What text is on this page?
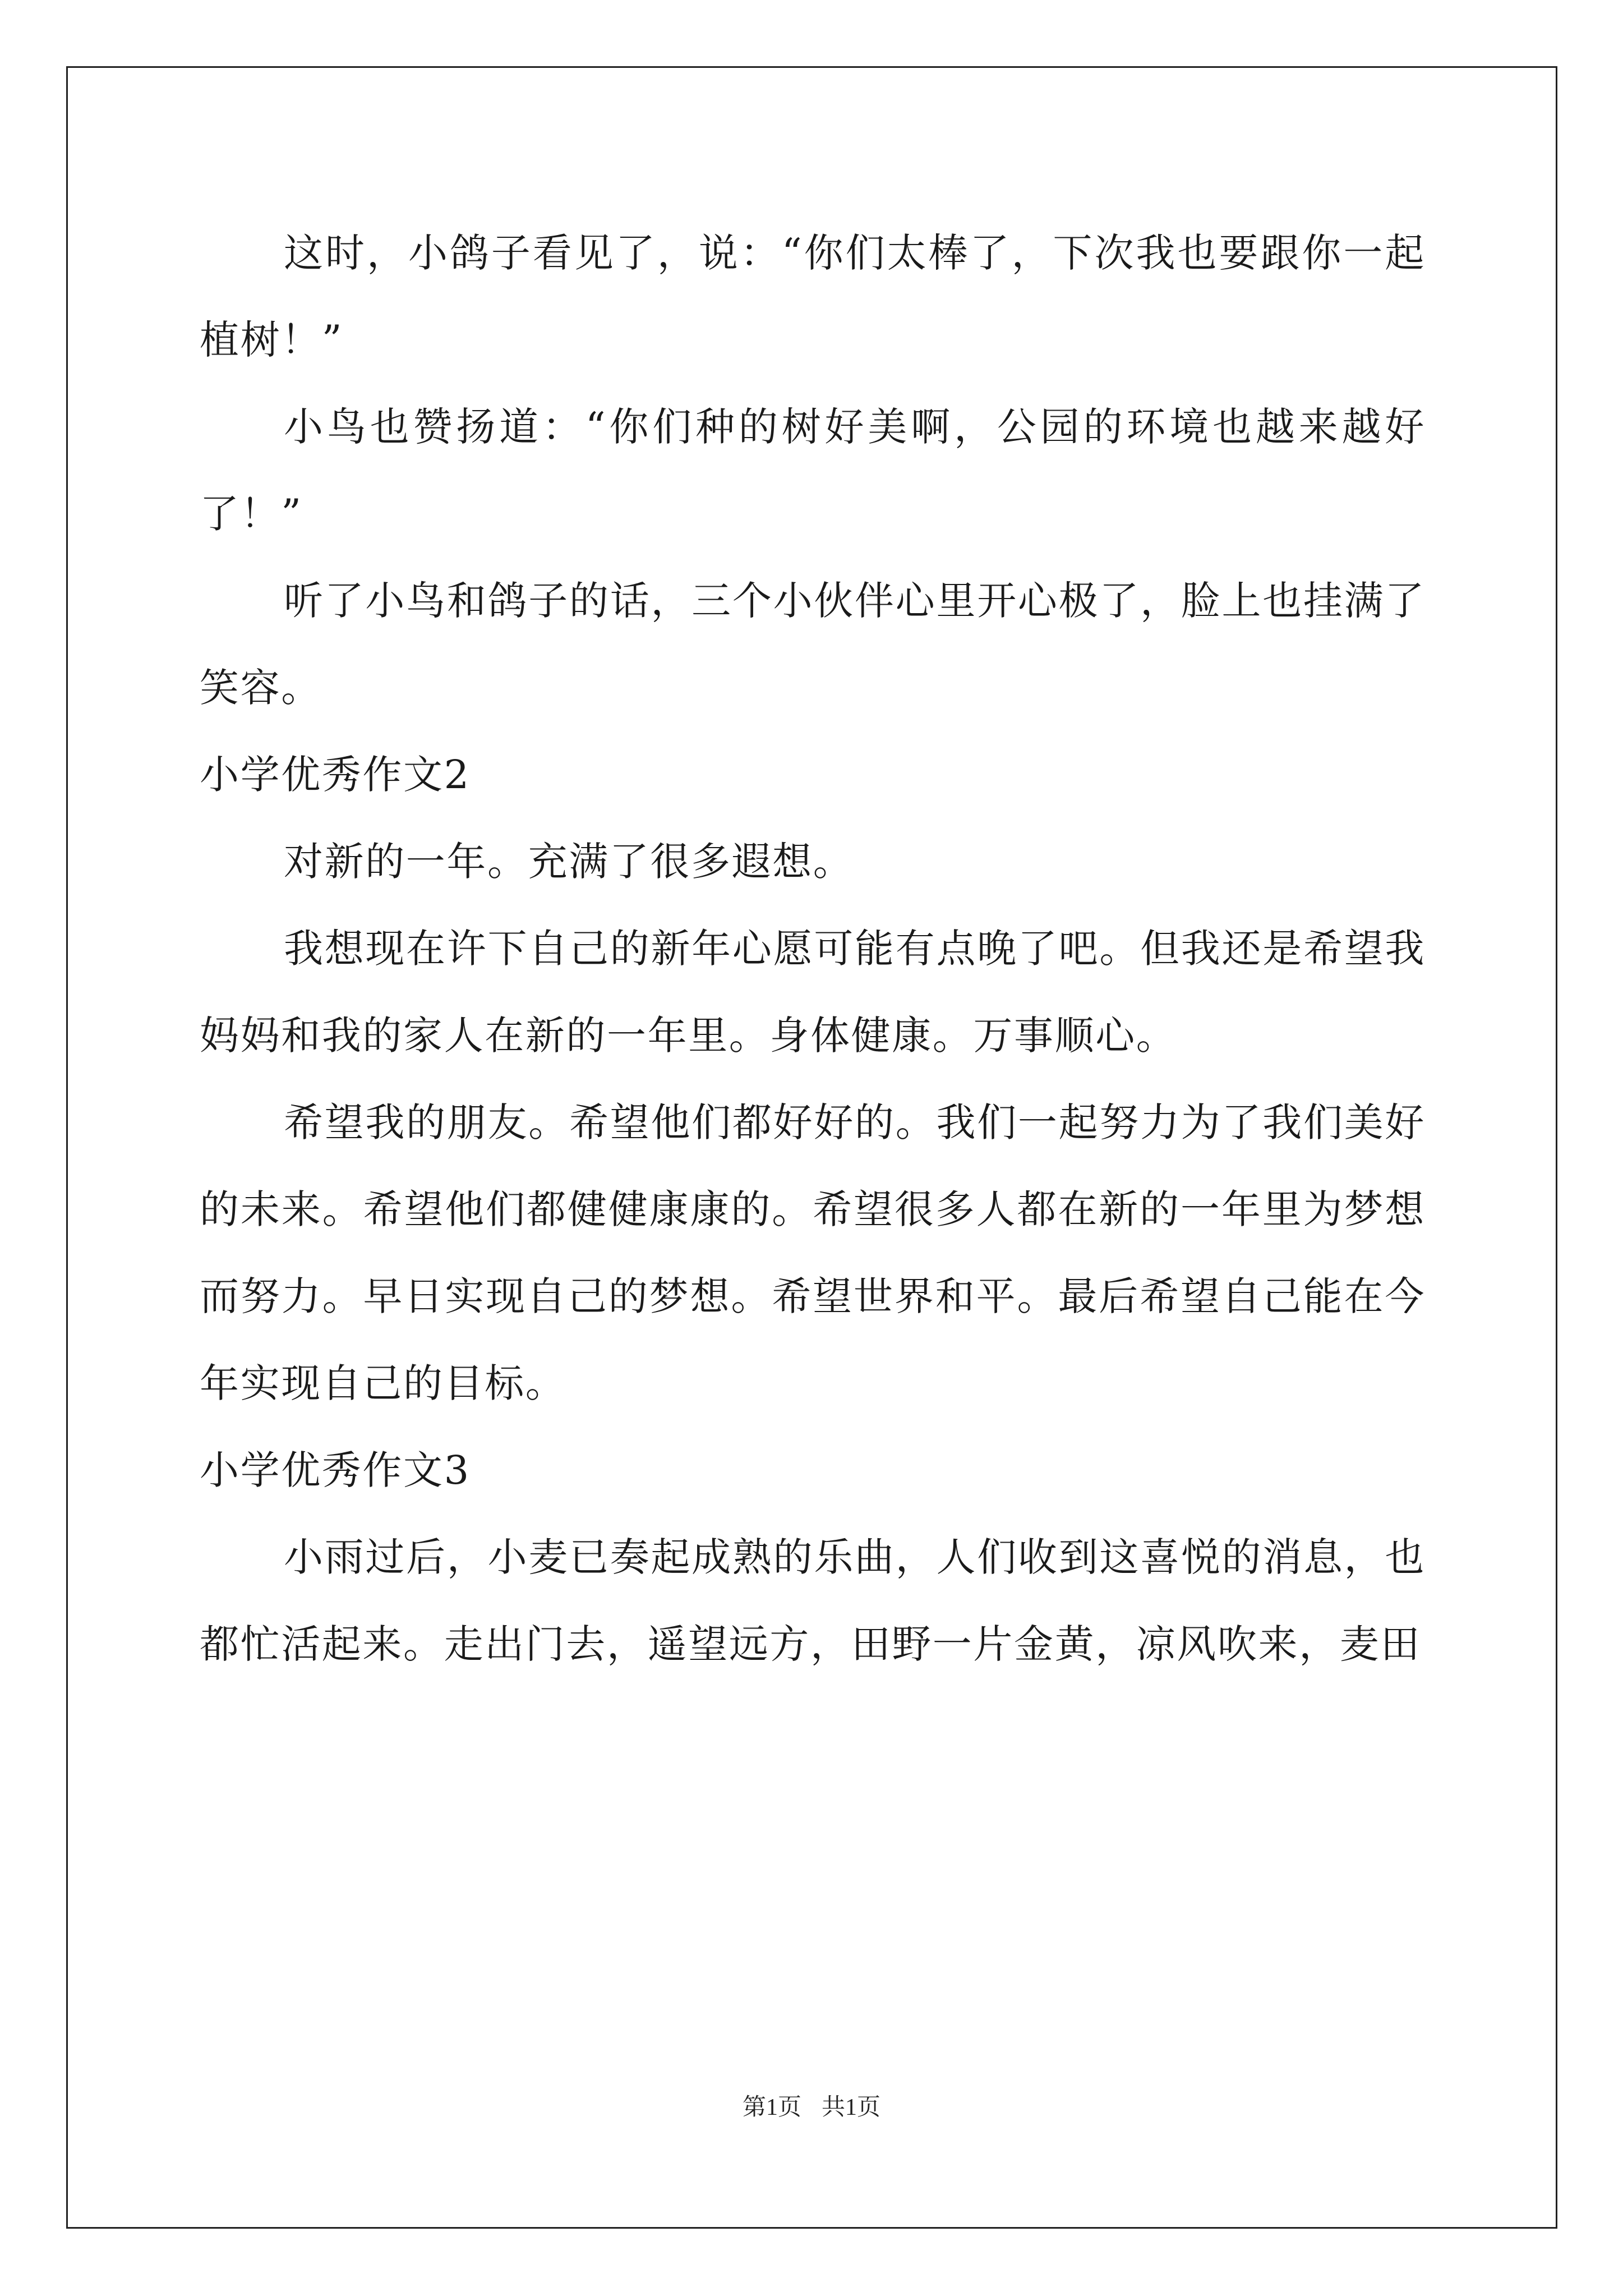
这时，小鸽子看见了，说：“你们太棒了，下次我也要跟你一起植树！”

小鸟也赞扬道：“你们种的树好美啊，公园的环境也越来越好了！”

听了小鸟和鸽子的话，三个小伙伴心里开心极了，脸上也挂满了笑容。

小学优秀作文2

对新的一年。充满了很多遐想。

我想现在许下自己的新年心愿可能有点晚了吧。但我还是希望我妈妈和我的家人在新的一年里。身体健康。万事顺心。

希望我的朋友。希望他们都好好的。我们一起努力为了我们美好的未来。希望他们都健健康康的。希望很多人都在新的一年里为梦想而努力。早日实现自己的梦想。希望世界和平。最后希望自己能在今年实现自己的目标。

小学优秀作文3

小雨过后，小麦已奏起成熟的乐曲，人们收到这喜悦的消息，也都忙活起来。走出门去，遥望远方，田野一片金黄，凉风吹来，麦田

第1页 共1页
